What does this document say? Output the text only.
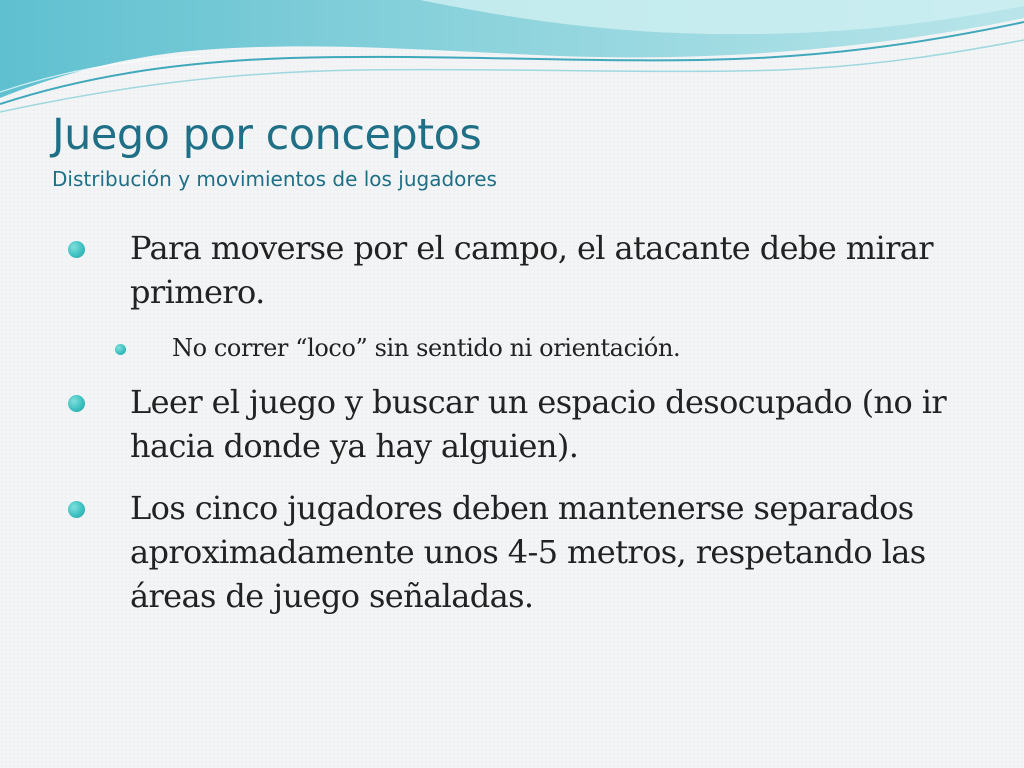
Juego por conceptos
Distribución y movimientos de los jugadores
Para moverse por el campo, el atacante debe mirar primero.
No correr “loco” sin sentido ni orientación.
Leer el juego y buscar un espacio desocupado (no ir hacia donde ya hay alguien).
Los cinco jugadores deben mantenerse separados aproximadamente unos 4-5 metros, respetando las áreas de juego señaladas.
